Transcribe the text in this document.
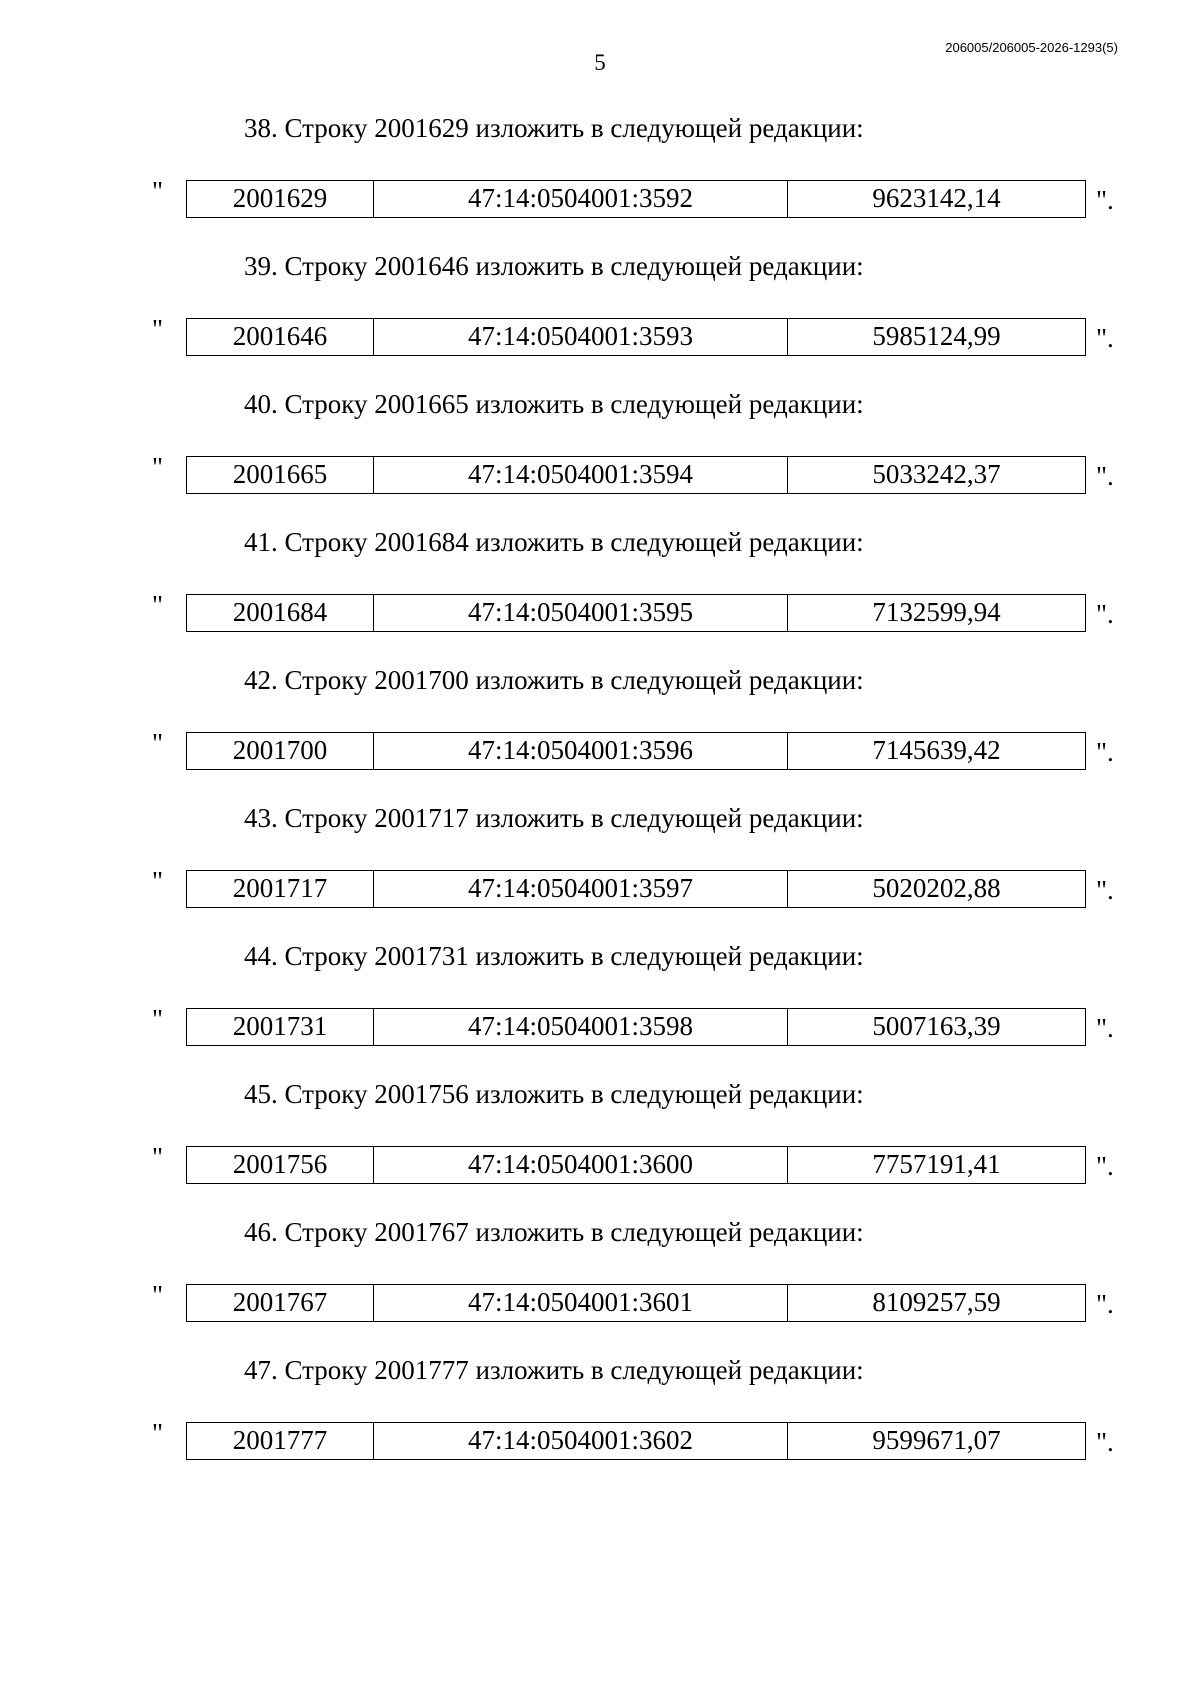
5
206005/206005-2026-1293(5)
38. Строку 2001629 изложить в следующей редакции:
"	2001629	47:14:0504001:3592	9623142,14	".
39. Строку 2001646 изложить в следующей редакции:
"	2001646	47:14:0504001:3593	5985124,99	".
40. Строку 2001665 изложить в следующей редакции:
"	2001665	47:14:0504001:3594	5033242,37	".
41. Строку 2001684 изложить в следующей редакции:
"	2001684	47:14:0504001:3595	7132599,94	".
42. Строку 2001700 изложить в следующей редакции:
"	2001700	47:14:0504001:3596	7145639,42	".
43. Строку 2001717 изложить в следующей редакции:
"	2001717	47:14:0504001:3597	5020202,88	".
44. Строку 2001731 изложить в следующей редакции:
"	2001731	47:14:0504001:3598	5007163,39	".
45. Строку 2001756 изложить в следующей редакции:
"	2001756	47:14:0504001:3600	7757191,41	".
46. Строку 2001767 изложить в следующей редакции:
"	2001767	47:14:0504001:3601	8109257,59	".
47. Строку 2001777 изложить в следующей редакции:
"	2001777	47:14:0504001:3602	9599671,07	".
